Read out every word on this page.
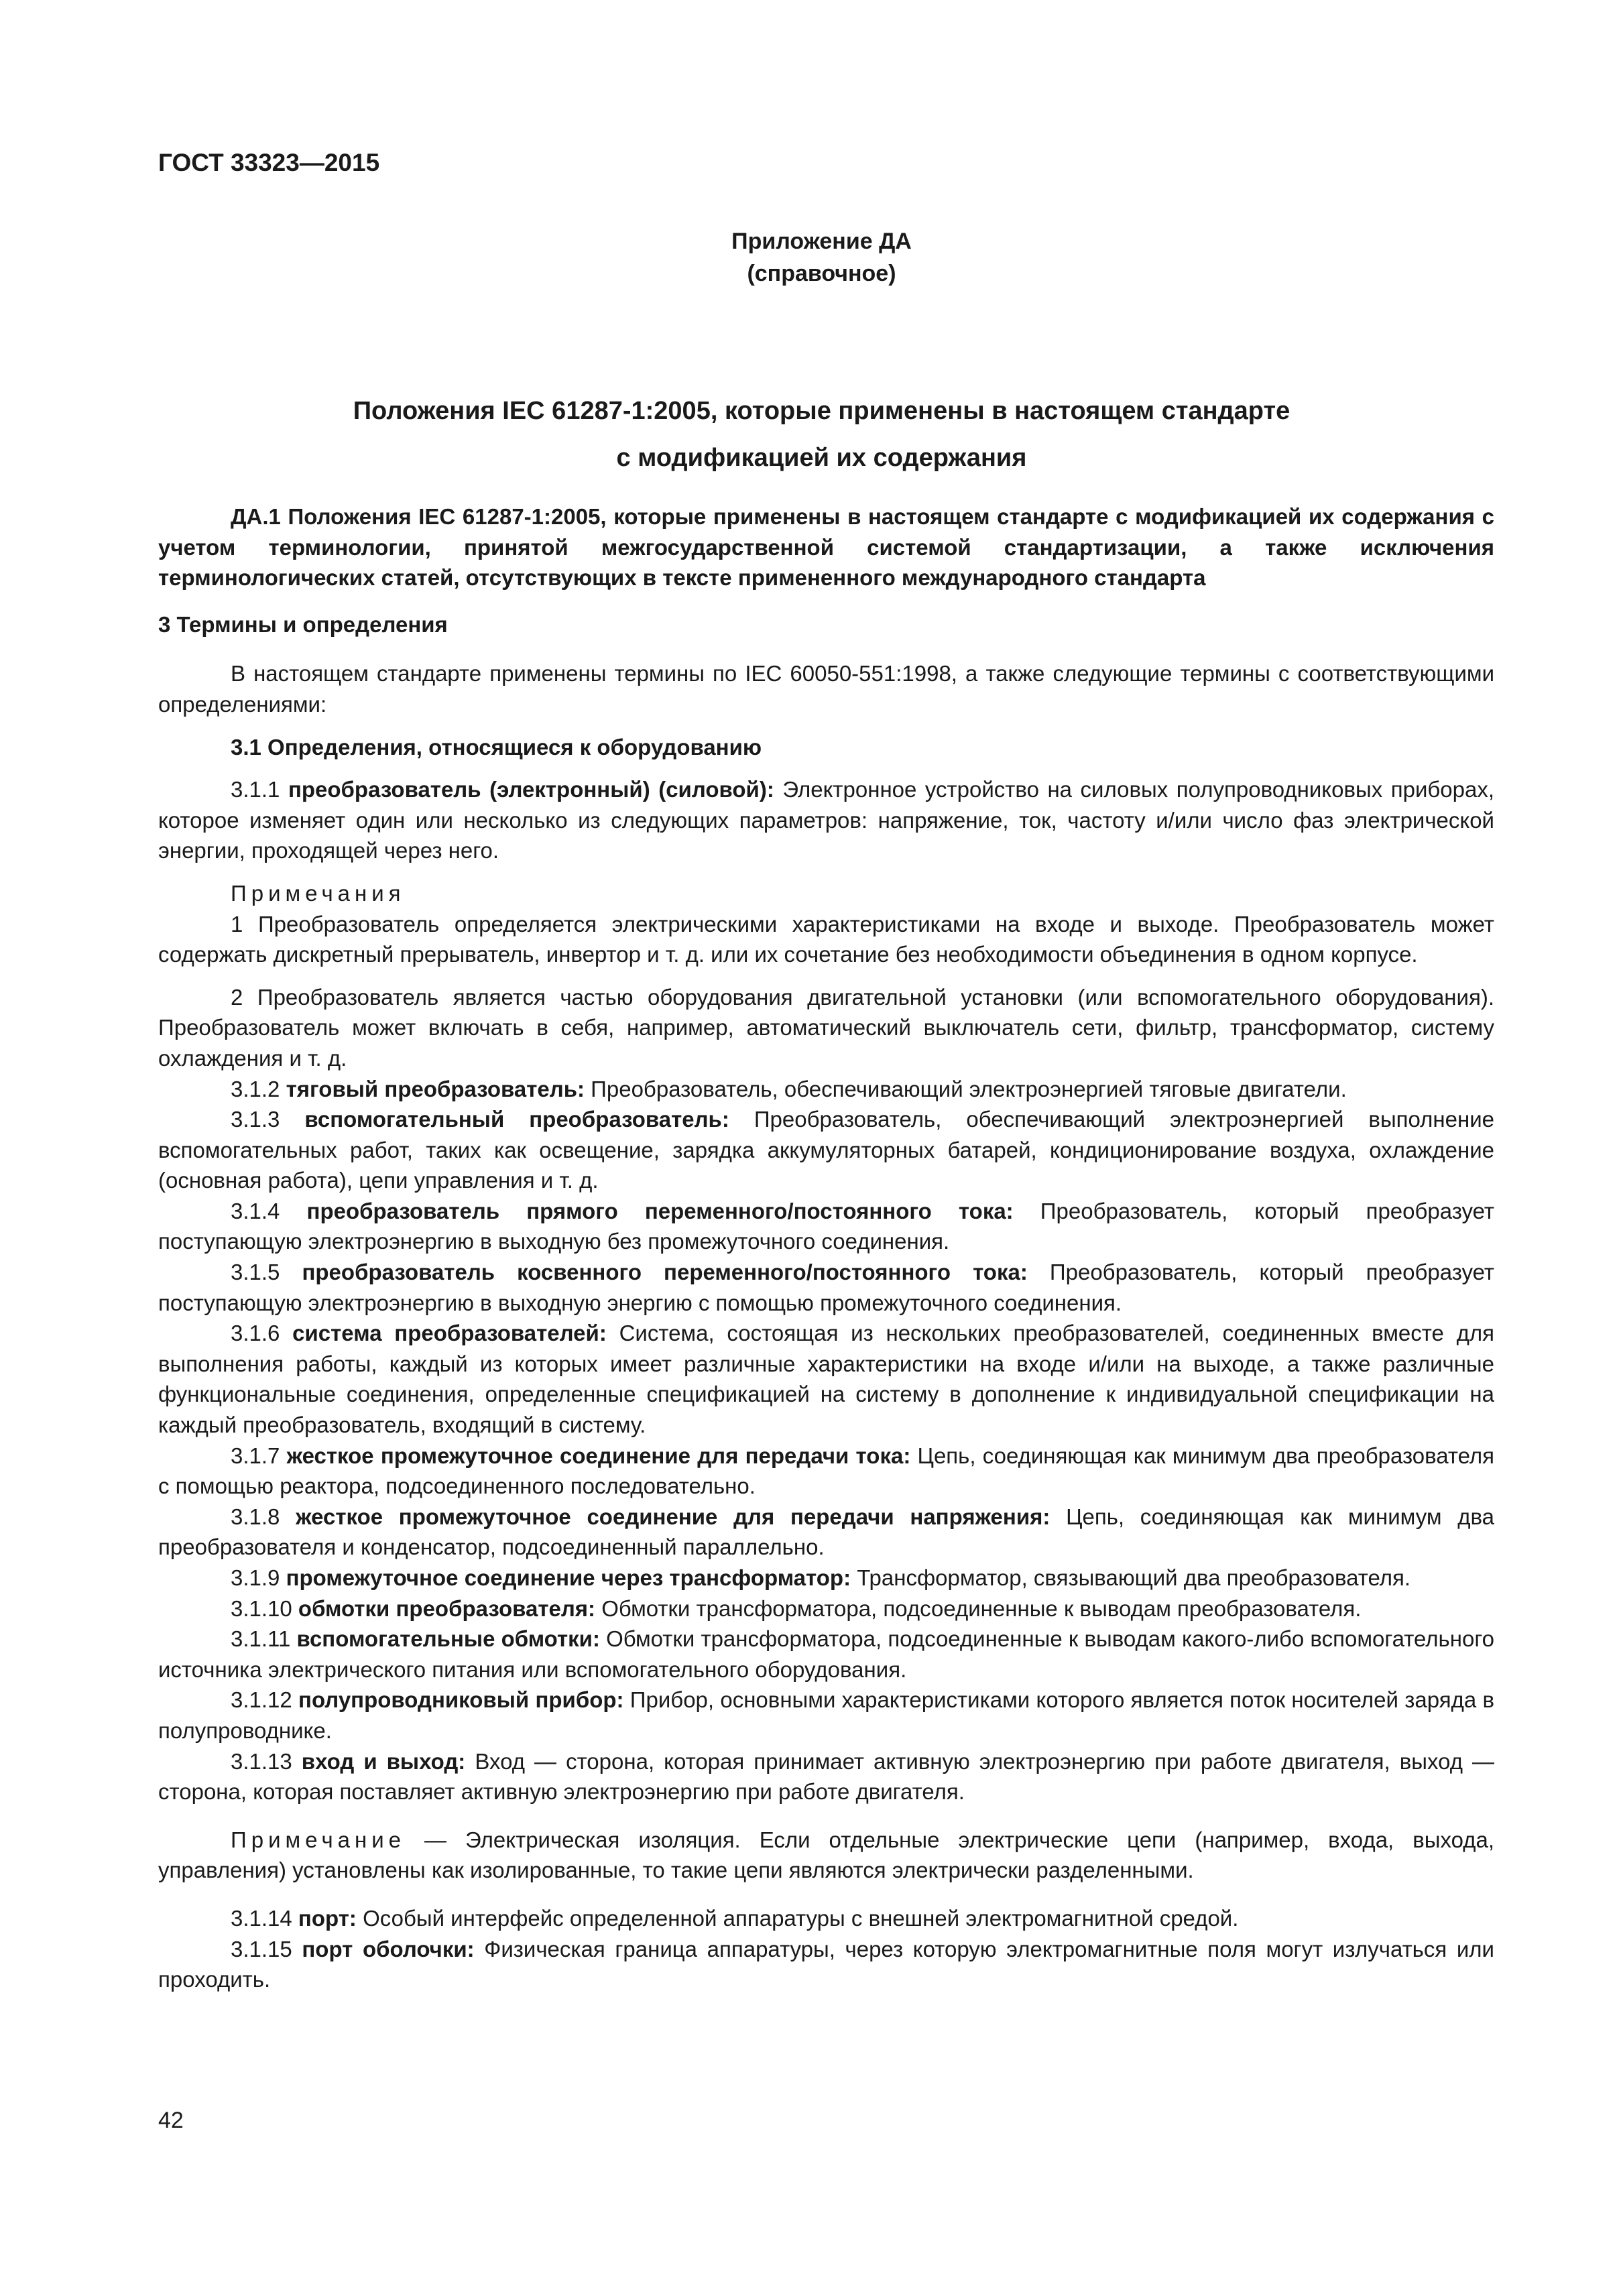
ГОСТ 33323—2015
Приложение ДА
(справочное)
Положения IEC 61287-1:2005, которые применены в настоящем стандарте
с модификацией их содержания

ДА.1 Положения IEC 61287-1:2005, которые применены в настоящем стандарте с модификацией их содержания с учетом терминологии, принятой межгосударственной системой стандартизации, а также исключения терминологических статей, отсутствующих в тексте примененного международного стандарта

3 Термины и определения

В настоящем стандарте применены термины по IEC 60050-551:1998, а также следующие термины с соответствующими определениями:

3.1 Определения, относящиеся к оборудованию

3.1.1 преобразователь (электронный) (силовой): Электронное устройство на силовых полупроводниковых приборах, которое изменяет один или несколько из следующих параметров: напряжение, ток, частоту и/или число фаз электрической энергии, проходящей через него.

Примечания

1 Преобразователь определяется электрическими характеристиками на входе и выходе. Преобразователь может содержать дискретный прерыватель, инвертор и т. д. или их сочетание без необходимости объединения в одном корпусе.

2 Преобразователь является частью оборудования двигательной установки (или вспомогательного оборудования). Преобразователь может включать в себя, например, автоматический выключатель сети, фильтр, трансформатор, систему охлаждения и т. д.

3.1.2 тяговый преобразователь: Преобразователь, обеспечивающий электроэнергией тяговые двигатели.

3.1.3 вспомогательный преобразователь: Преобразователь, обеспечивающий электроэнергией выполнение вспомогательных работ, таких как освещение, зарядка аккумуляторных батарей, кондиционирование воздуха, охлаждение (основная работа), цепи управления и т. д.

3.1.4 преобразователь прямого переменного/постоянного тока: Преобразователь, который преобразует поступающую электроэнергию в выходную без промежуточного соединения.

3.1.5 преобразователь косвенного переменного/постоянного тока: Преобразователь, который преобразует поступающую электроэнергию в выходную энергию с помощью промежуточного соединения.

3.1.6 система преобразователей: Система, состоящая из нескольких преобразователей, соединенных вместе для выполнения работы, каждый из которых имеет различные характеристики на входе и/или на выходе, а также различные функциональные соединения, определенные спецификацией на систему в дополнение к индивидуальной спецификации на каждый преобразователь, входящий в систему.

3.1.7 жесткое промежуточное соединение для передачи тока: Цепь, соединяющая как минимум два преобразователя с помощью реактора, подсоединенного последовательно.

3.1.8 жесткое промежуточное соединение для передачи напряжения: Цепь, соединяющая как минимум два преобразователя и конденсатор, подсоединенный параллельно.

3.1.9 промежуточное соединение через трансформатор: Трансформатор, связывающий два преобразователя.

3.1.10 обмотки преобразователя: Обмотки трансформатора, подсоединенные к выводам преобразователя.

3.1.11 вспомогательные обмотки: Обмотки трансформатора, подсоединенные к выводам какого-либо вспомогательного источника электрического питания или вспомогательного оборудования.

3.1.12 полупроводниковый прибор: Прибор, основными характеристиками которого является поток носителей заряда в полупроводнике.

3.1.13 вход и выход: Вход — сторона, которая принимает активную электроэнергию при работе двигателя, выход — сторона, которая поставляет активную электроэнергию при работе двигателя.

Примечание — Электрическая изоляция. Если отдельные электрические цепи (например, входа, выхода, управления) установлены как изолированные, то такие цепи являются электрически разделенными.

3.1.14 порт: Особый интерфейс определенной аппаратуры с внешней электромагнитной средой.

3.1.15 порт оболочки: Физическая граница аппаратуры, через которую электромагнитные поля могут излучаться или проходить.

42
